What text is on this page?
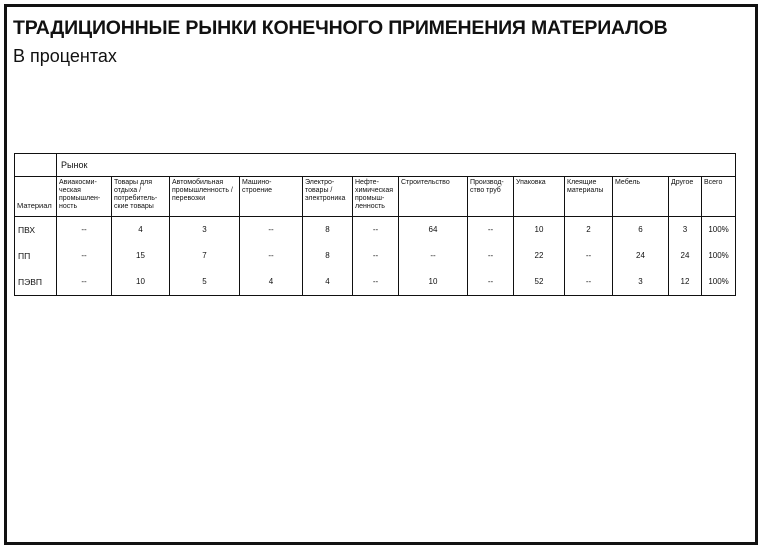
ТРАДИЦИОННЫЕ РЫНКИ КОНЕЧНОГО ПРИМЕНЕНИЯ МАТЕРИАЛОВ
В процентах
	Рынок												
Материал	Авиакосми-ческая промышлен-ность	Товары для отдыха / потребитель-ские товары	Автомобильная промышленность / перевозки	Машино-строение	Электро-товары / электроника	Нефте-химическая промыш-ленность	Строительство	Производ-ство труб	Упаковка	Клеящие материалы	Мебель	Другое	Всего
ПВХ	--	4	3	--	8	--	64	--	10	2	6	3	100%
ПП	--	15	7	--	8	--	--	--	22	--	24	24	100%
ПЭВП	--	10	5	4	4	--	10	--	52	--	3	12	100%
